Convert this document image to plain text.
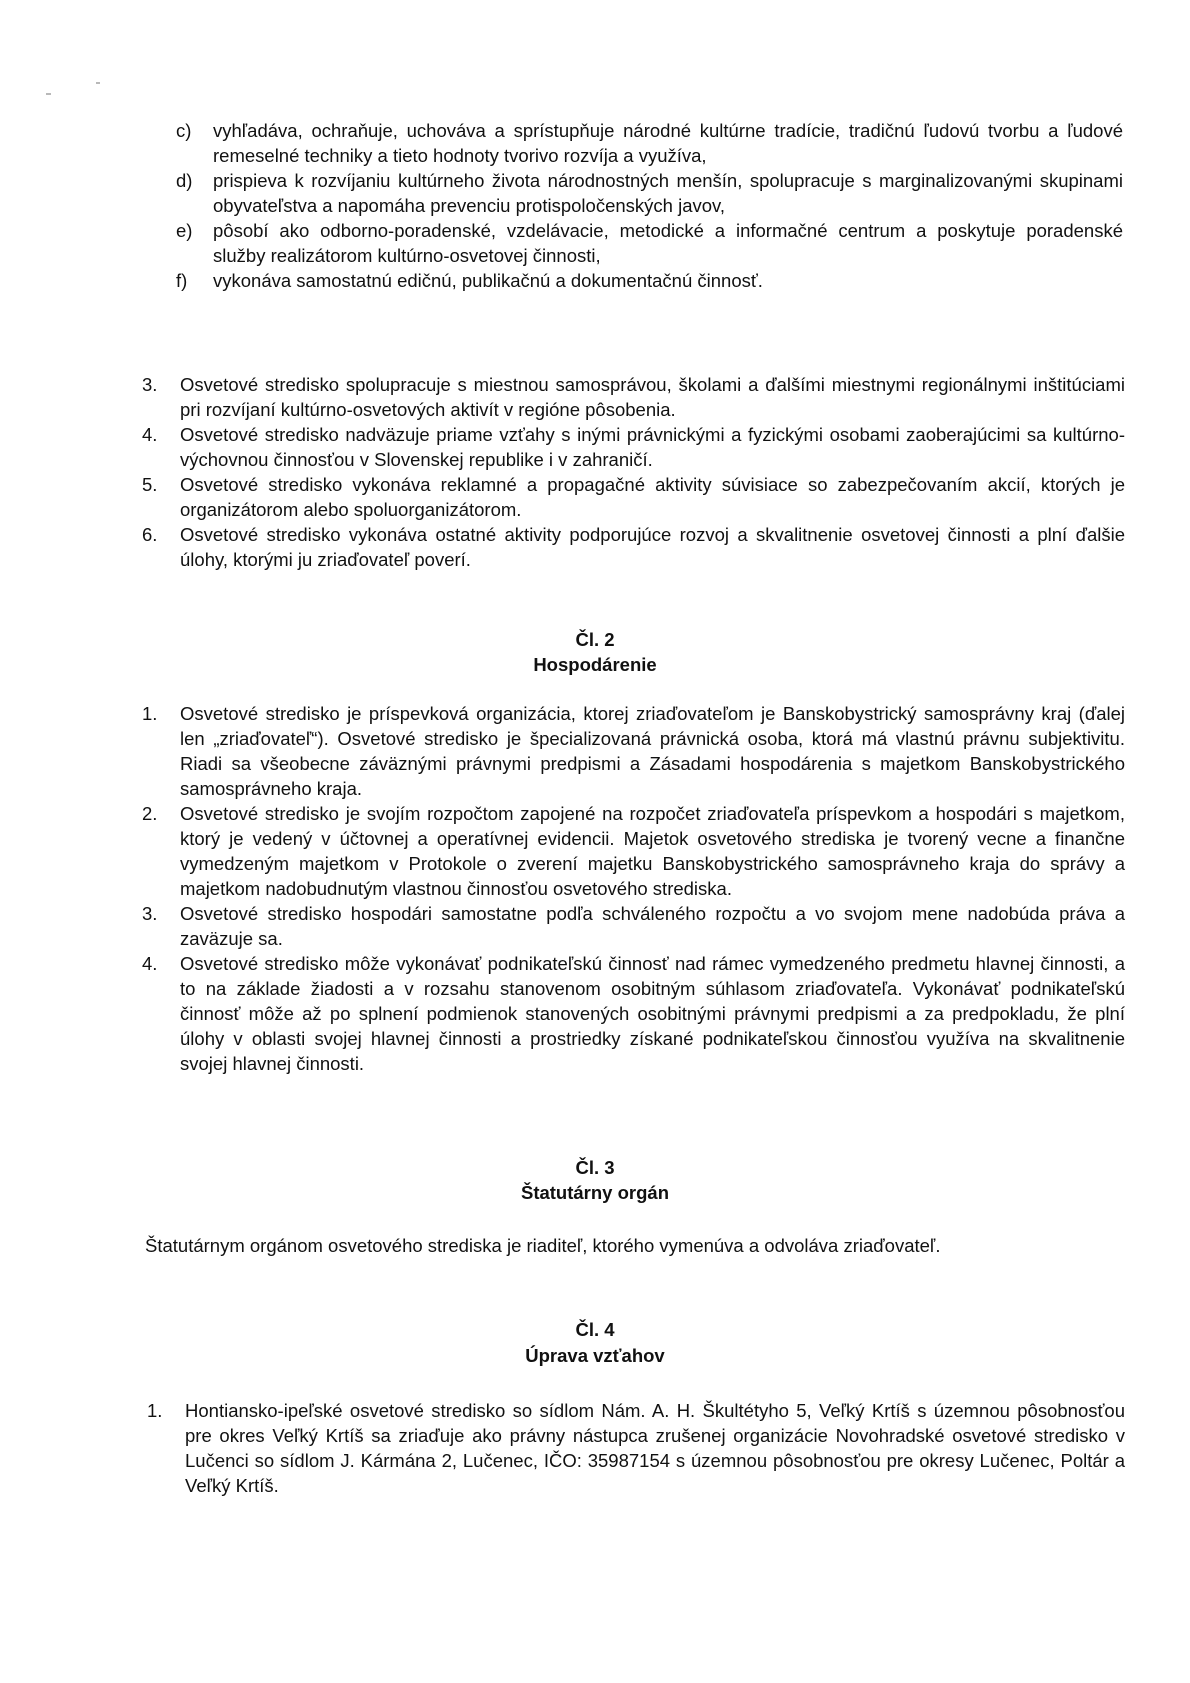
c) vyhľadáva, ochraňuje, uchováva a sprístupňuje národné kultúrne tradície, tradičnú ľudovú tvorbu a ľudové remeselné techniky a tieto hodnoty tvorivo rozvíja a využíva,

d) prispieva k rozvíjaniu kultúrneho života národnostných menšín, spolupracuje s marginalizovanými skupinami obyvateľstva a napomáha prevenciu protispoločenských javov,

e) pôsobí ako odborno-poradenské, vzdelávacie, metodické a informačné centrum a poskytuje poradenské služby realizátorom kultúrno-osvetovej činnosti,

f) vykonáva samostatnú edičnú, publikačnú a dokumentačnú činnosť.

3. Osvetové stredisko spolupracuje s miestnou samosprávou, školami a ďalšími miestnymi regionálnymi inštitúciami pri rozvíjaní kultúrno-osvetových aktivít v regióne pôsobenia.

4. Osvetové stredisko nadväzuje priame vzťahy s inými právnickými a fyzickými osobami zaoberajúcimi sa kultúrno-výchovnou činnosťou v Slovenskej republike i v zahraničí.

5. Osvetové stredisko vykonáva reklamné a propagačné aktivity súvisiace so zabezpečovaním akcií, ktorých je organizátorom alebo spoluorganizátorom.

6. Osvetové stredisko vykonáva ostatné aktivity podporujúce rozvoj a skvalitnenie osvetovej činnosti a plní ďalšie úlohy, ktorými ju zriaďovateľ poverí.

Čl. 2
Hospodárenie

1. Osvetové stredisko je príspevková organizácia, ktorej zriaďovateľom je Banskobystrický samosprávny kraj (ďalej len „zriaďovateľ“). Osvetové stredisko je špecializovaná právnická osoba, ktorá má vlastnú právnu subjektivitu. Riadi sa všeobecne záväznými právnymi predpismi a Zásadami hospodárenia s majetkom Banskobystrického samosprávneho kraja.

2. Osvetové stredisko je svojím rozpočtom zapojené na rozpočet zriaďovateľa príspevkom a hospodári s majetkom, ktorý je vedený v účtovnej a operatívnej evidencii. Majetok osvetového strediska je tvorený vecne a finančne vymedzeným majetkom v Protokole o zverení majetku Banskobystrického samosprávneho kraja do správy a majetkom nadobudnutým vlastnou činnosťou osvetového strediska.

3. Osvetové stredisko hospodári samostatne podľa schváleného rozpočtu a vo svojom mene nadobúda práva a zaväzuje sa.

4. Osvetové stredisko môže vykonávať podnikateľskú činnosť nad rámec vymedzeného predmetu hlavnej činnosti, a to na základe žiadosti a v rozsahu stanovenom osobitným súhlasom zriaďovateľa. Vykonávať podnikateľskú činnosť môže až po splnení podmienok stanovených osobitnými právnymi predpismi a za predpokladu, že plní úlohy v oblasti svojej hlavnej činnosti a prostriedky získané podnikateľskou činnosťou využíva na skvalitnenie svojej hlavnej činnosti.

Čl. 3
Štatutárny orgán
Štatutárnym orgánom osvetového strediska je riaditeľ, ktorého vymenúva a odvoláva zriaďovateľ.
Čl. 4
Úprava vzťahov

1. Hontiansko-ipeľské osvetové stredisko so sídlom Nám. A. H. Škultétyho 5, Veľký Krtíš s územnou pôsobnosťou pre okres Veľký Krtíš sa zriaďuje ako právny nástupca zrušenej organizácie Novohradské osvetové stredisko v Lučenci so sídlom J. Kármána 2, Lučenec, IČO: 35987154 s územnou pôsobnosťou pre okresy Lučenec, Poltár a Veľký Krtíš.
